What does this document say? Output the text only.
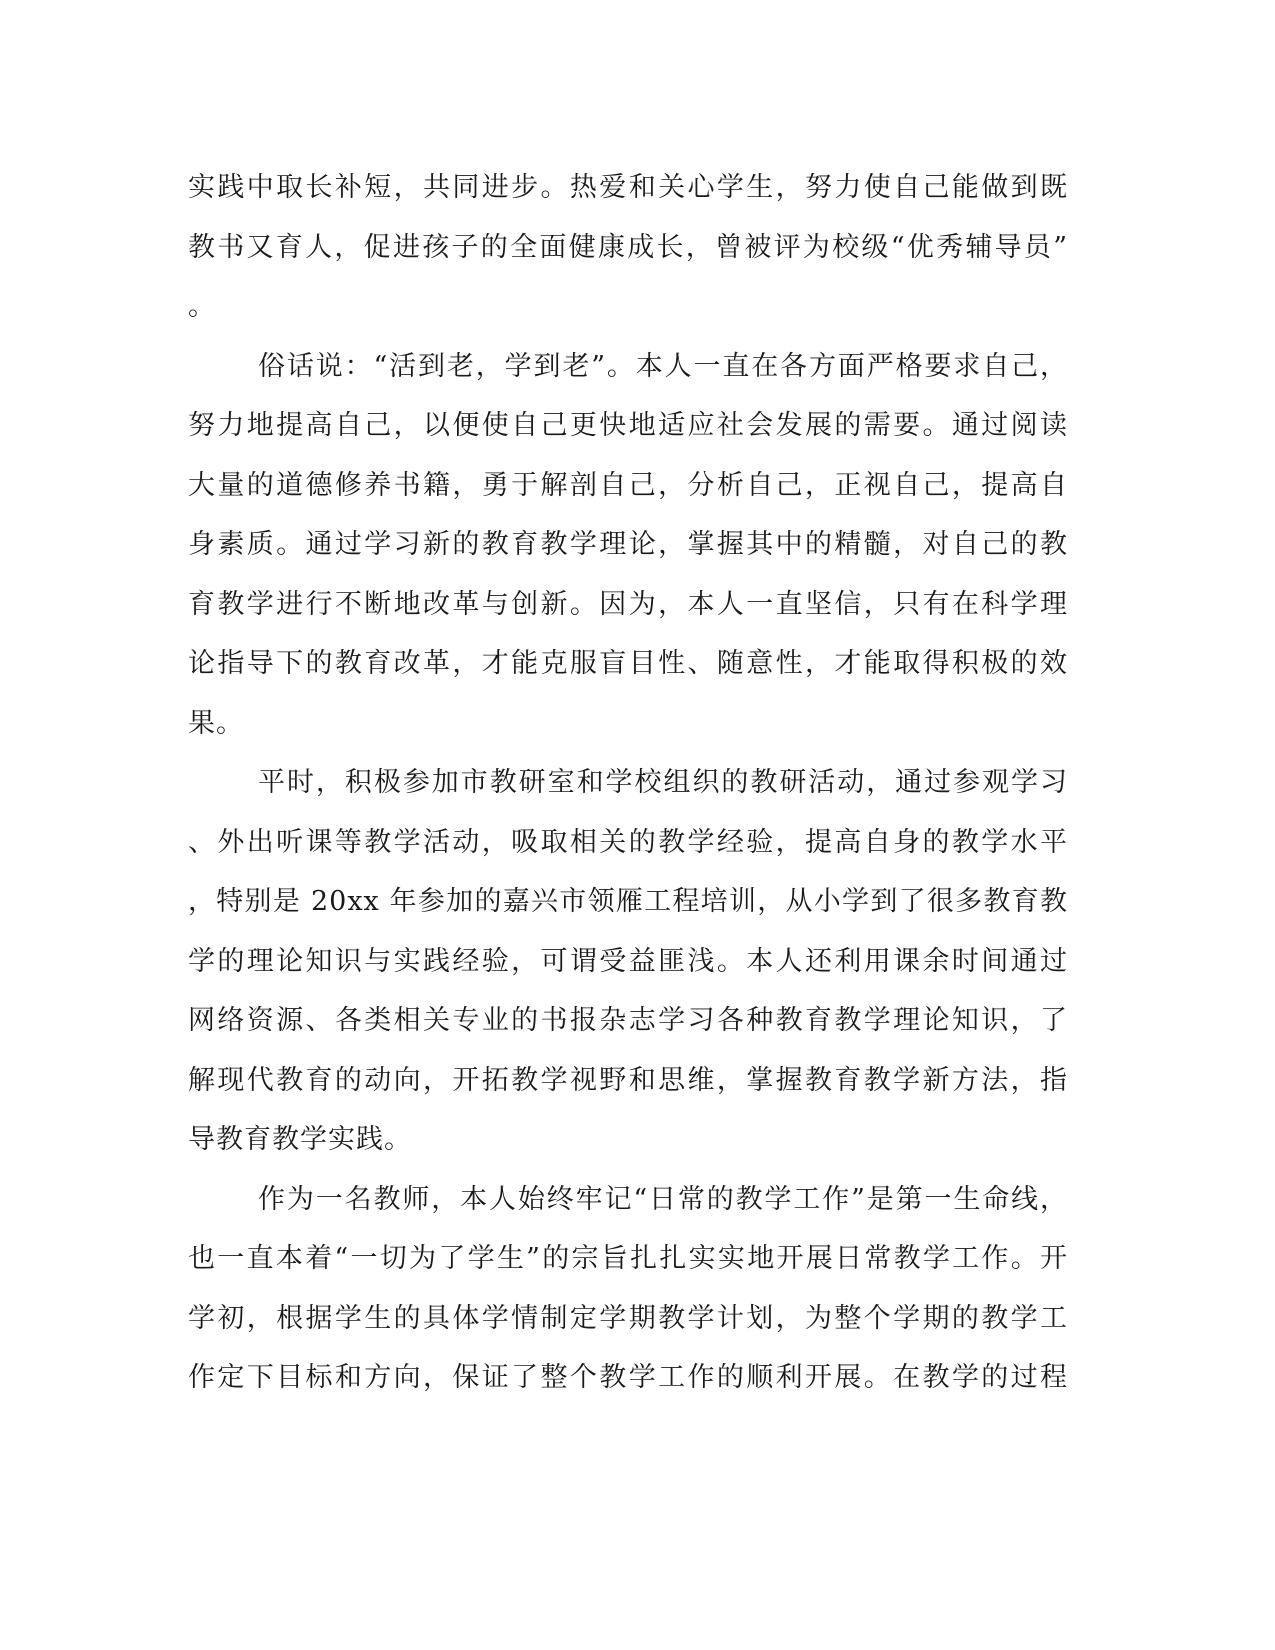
实践中取长补短，共同进步。热爱和关心学生，努力使自己能做到既
教书又育人，促进孩子的全面健康成长，曾被评为校级“优秀辅导员”
。
俗话说：“活到老，学到老”。本人一直在各方面严格要求自己，
努力地提高自己，以便使自己更快地适应社会发展的需要。通过阅读
大量的道德修养书籍，勇于解剖自己，分析自己，正视自己，提高自
身素质。通过学习新的教育教学理论，掌握其中的精髓，对自己的教
育教学进行不断地改革与创新。因为，本人一直坚信，只有在科学理
论指导下的教育改革，才能克服盲目性、随意性，才能取得积极的效
果。
平时，积极参加市教研室和学校组织的教研活动，通过参观学习
、外出听课等教学活动，吸取相关的教学经验，提高自身的教学水平
，特别是 20xx 年参加的嘉兴市领雁工程培训，从小学到了很多教育教
学的理论知识与实践经验，可谓受益匪浅。本人还利用课余时间通过
网络资源、各类相关专业的书报杂志学习各种教育教学理论知识，了
解现代教育的动向，开拓教学视野和思维，掌握教育教学新方法，指
导教育教学实践。
作为一名教师，本人始终牢记“日常的教学工作”是第一生命线，
也一直本着“一切为了学生”的宗旨扎扎实实地开展日常教学工作。开
学初，根据学生的具体学情制定学期教学计划，为整个学期的教学工
作定下目标和方向，保证了整个教学工作的顺利开展。在教学的过程
